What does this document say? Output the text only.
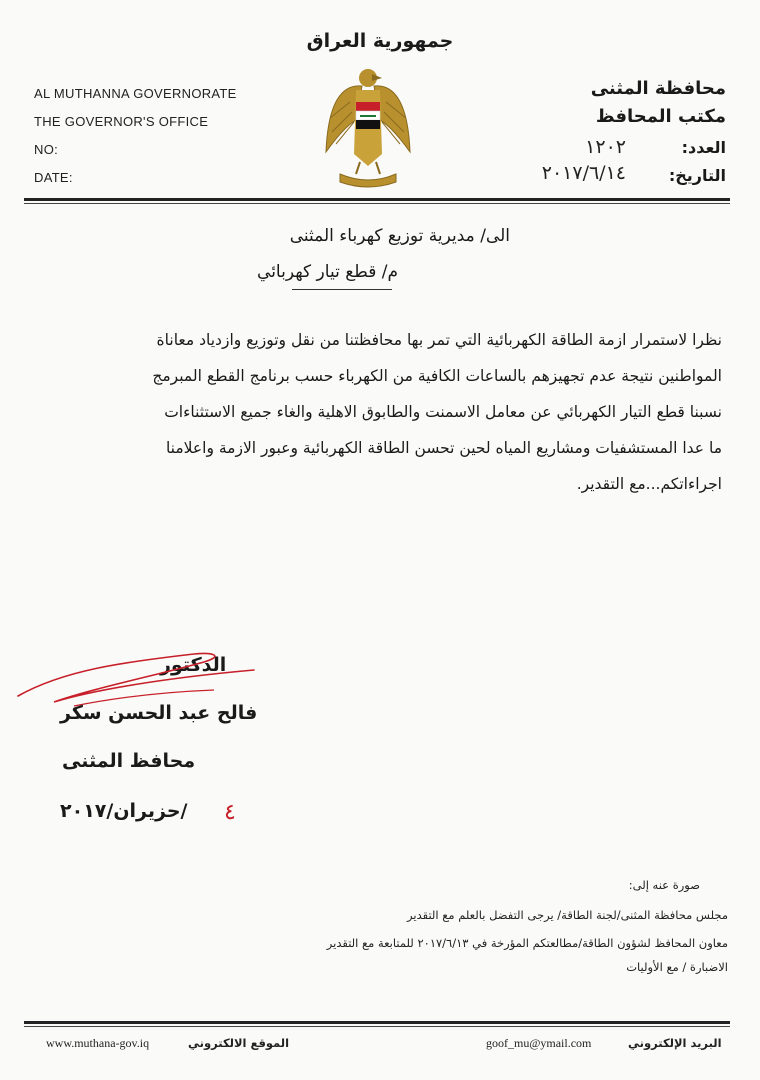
جمهورية العراق
AL MUTHANNA GOVERNORATE
THE GOVERNOR'S OFFICE
NO:
DATE:
محافظة المثنى
مكتب المحافظ
العدد:
١٢٠٢
التاريخ:
٢٠١٧/٦/١٤
الى/ مديرية توزيع كهرباء المثنى
م/ قطع تيار كهربائي

نظرا لاستمرار ازمة الطاقة الكهربائية التي تمر بها محافظتنا من نقل وتوزيع وازدياد معاناة

المواطنين نتيجة عدم تجهيزهم بالساعات الكافية من الكهرباء حسب برنامج القطع المبرمج

نسبنا قطع التيار الكهربائي عن معامل الاسمنت والطابوق الاهلية والغاء جميع الاستثناءات

ما عدا المستشفيات ومشاريع المياه لحين تحسن الطاقة الكهربائية وعبور الازمة واعلامنا

اجراءاتكم...مع التقدير.

الدكتور
فالح عبد الحسن سكر
محافظ المثنى
/حزيران/٢٠١٧ ٤
صورة عنه إلى:
مجلس محافظة المثنى/لجنة الطاقة/ يرجى التفضل بالعلم مع التقدير
معاون المحافظ لشؤون الطاقة/مطالعتكم المؤرخة في ٢٠١٧/٦/١٣ للمتابعة مع التقدير
الاضبارة / مع الأوليات
www.muthana-gov.iq	الموقع الالكتروني	goof_mu@ymail.com	البريد الإلكتروني
